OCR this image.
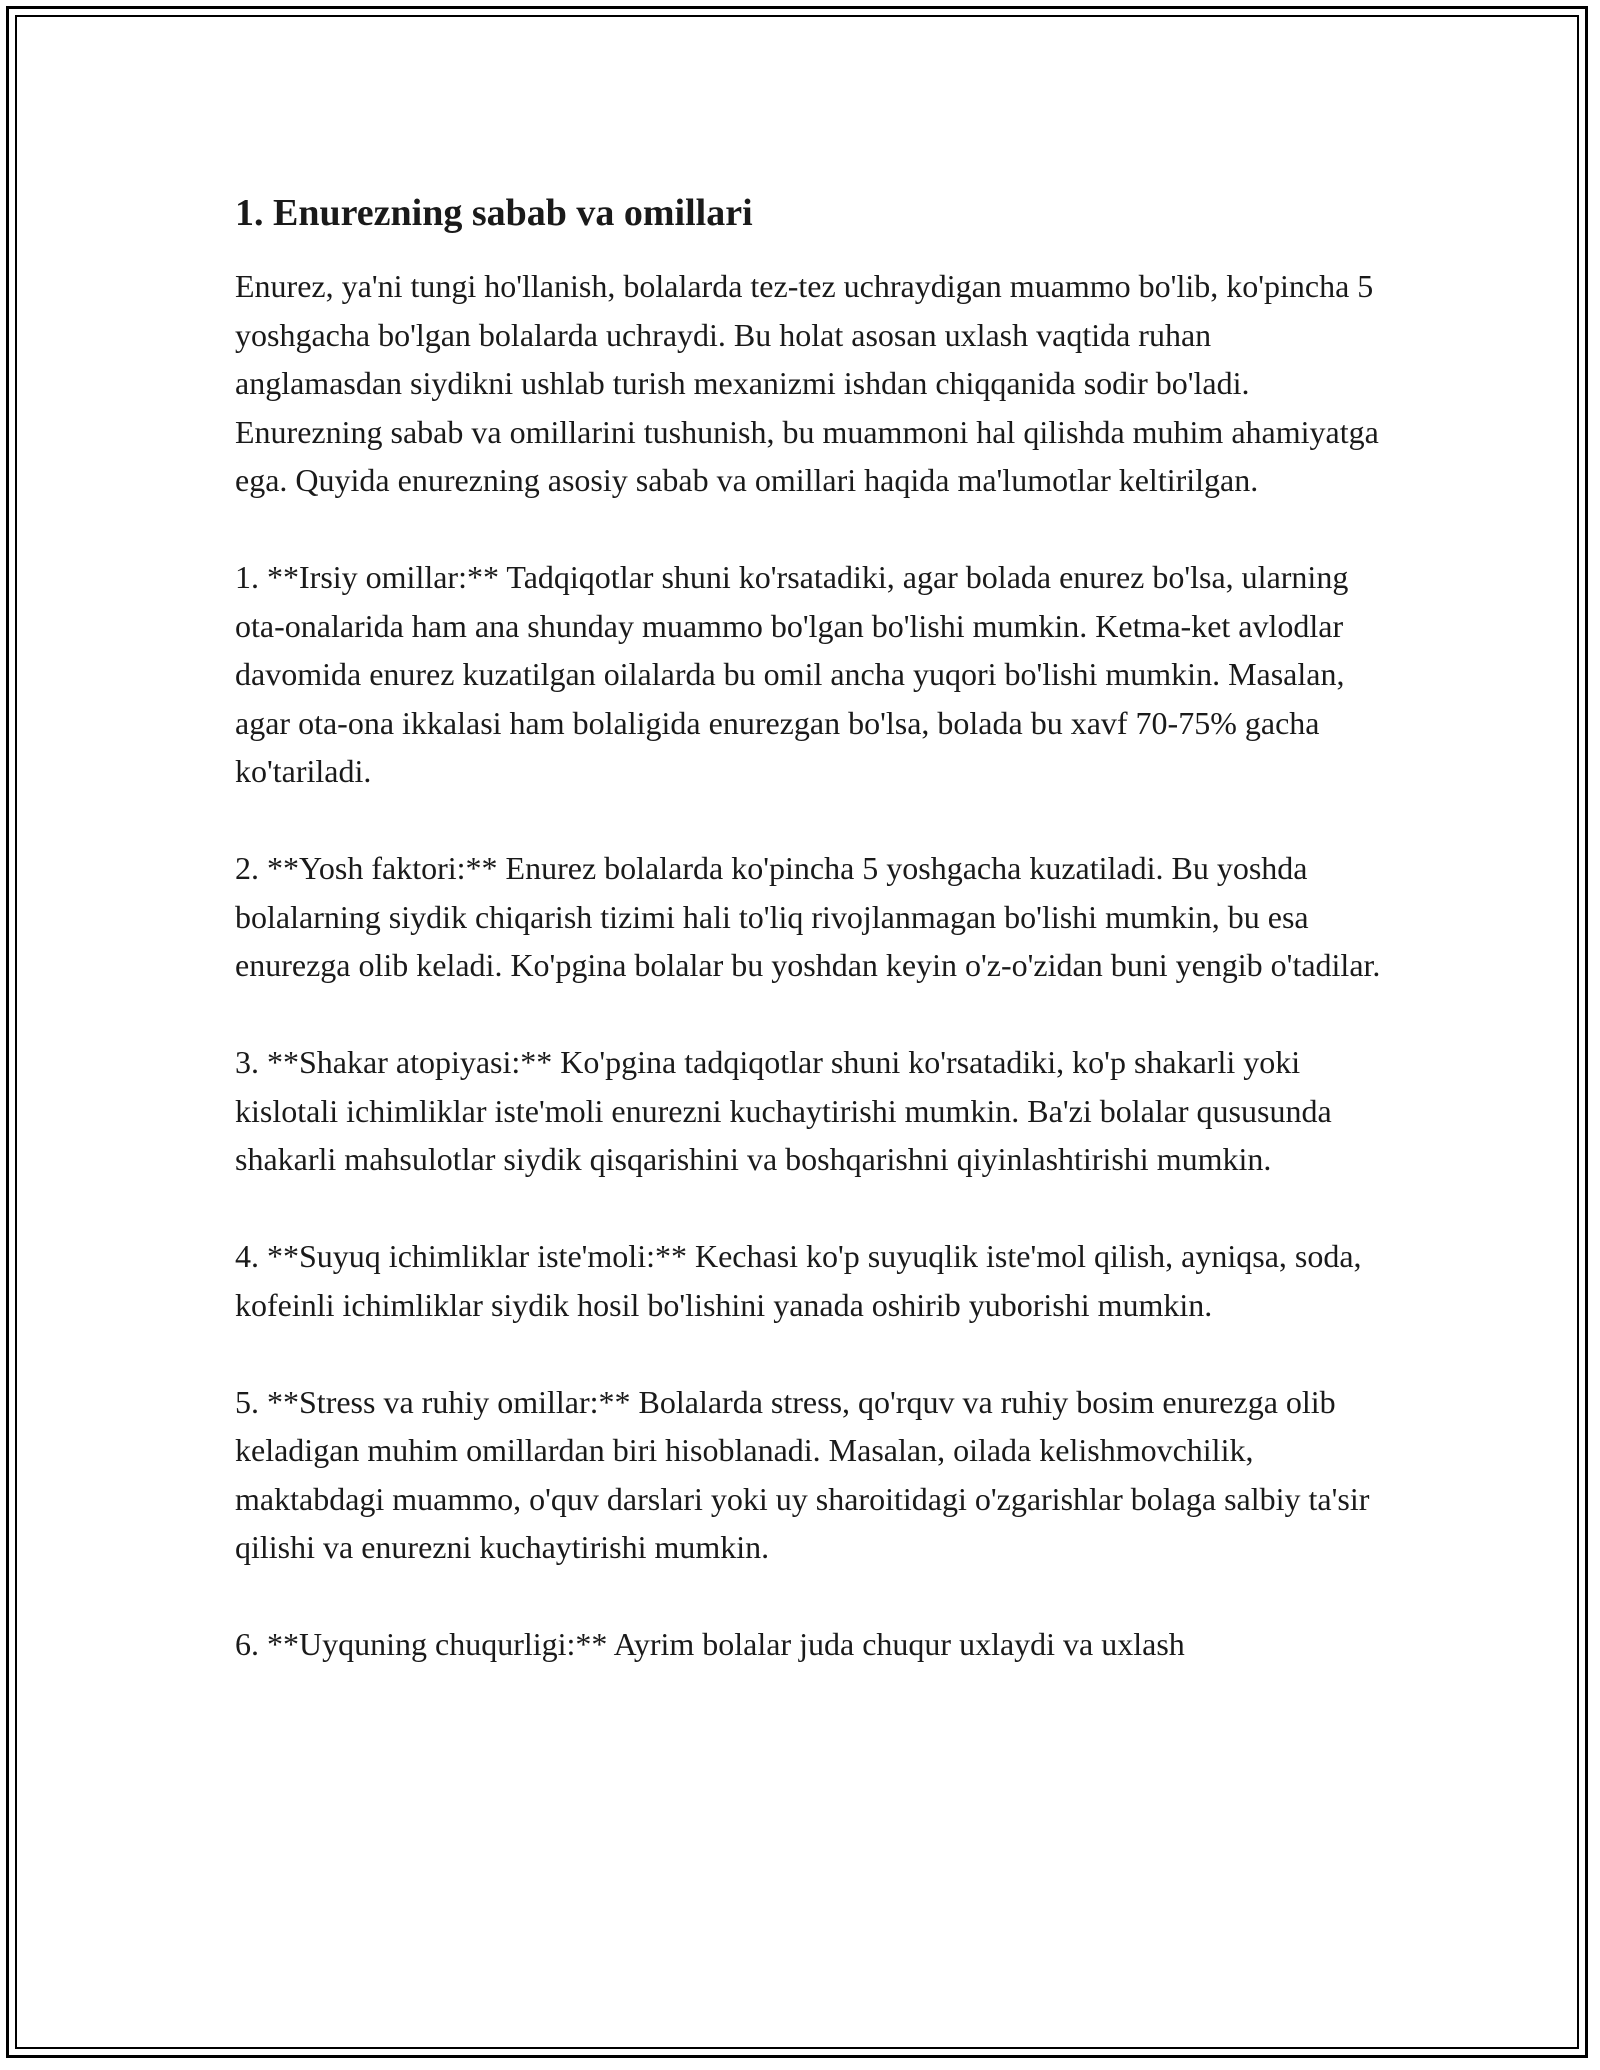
1. Enurezning sabab va omillari

Enurez, ya'ni tungi ho'llanish, bolalarda tez-tez uchraydigan muammo bo'lib, ko'pincha 5 yoshgacha bo'lgan bolalarda uchraydi. Bu holat asosan uxlash vaqtida ruhan anglamasdan siydikni ushlab turish mexanizmi ishdan chiqqanida sodir bo'ladi. Enurezning sabab va omillarini tushunish, bu muammoni hal qilishda muhim ahamiyatga ega. Quyida enurezning asosiy sabab va omillari haqida ma'lumotlar keltirilgan.

1. **Irsiy omillar:** Tadqiqotlar shuni ko'rsatadiki, agar bolada enurez bo'lsa, ularning ota-onalarida ham ana shunday muammo bo'lgan bo'lishi mumkin. Ketma-ket avlodlar davomida enurez kuzatilgan oilalarda bu omil ancha yuqori bo'lishi mumkin. Masalan, agar ota-ona ikkalasi ham bolaligida enurezgan bo'lsa, bolada bu xavf 70-75% gacha ko'tariladi.

2. **Yosh faktori:** Enurez bolalarda ko'pincha 5 yoshgacha kuzatiladi. Bu yoshda bolalarning siydik chiqarish tizimi hali to'liq rivojlanmagan bo'lishi mumkin, bu esa enurezga olib keladi. Ko'pgina bolalar bu yoshdan keyin o'z-o'zidan buni yengib o'tadilar.

3. **Shakar atopiyasi:** Ko'pgina tadqiqotlar shuni ko'rsatadiki, ko'p shakarli yoki kislotali ichimliklar iste'moli enurezni kuchaytirishi mumkin. Ba'zi bolalar qususunda shakarli mahsulotlar siydik qisqarishini va boshqarishni qiyinlashtirishi mumkin.

4. **Suyuq ichimliklar iste'moli:** Kechasi ko'p suyuqlik iste'mol qilish, ayniqsa, soda, kofeinli ichimliklar siydik hosil bo'lishini yanada oshirib yuborishi mumkin.

5. **Stress va ruhiy omillar:** Bolalarda stress, qo'rquv va ruhiy bosim enurezga olib keladigan muhim omillardan biri hisoblanadi. Masalan, oilada kelishmovchilik, maktabdagi muammo, o'quv darslari yoki uy sharoitidagi o'zgarishlar bolaga salbiy ta'sir qilishi va enurezni kuchaytirishi mumkin.

6. **Uyquning chuqurligi:** Ayrim bolalar juda chuqur uxlaydi va uxlash
